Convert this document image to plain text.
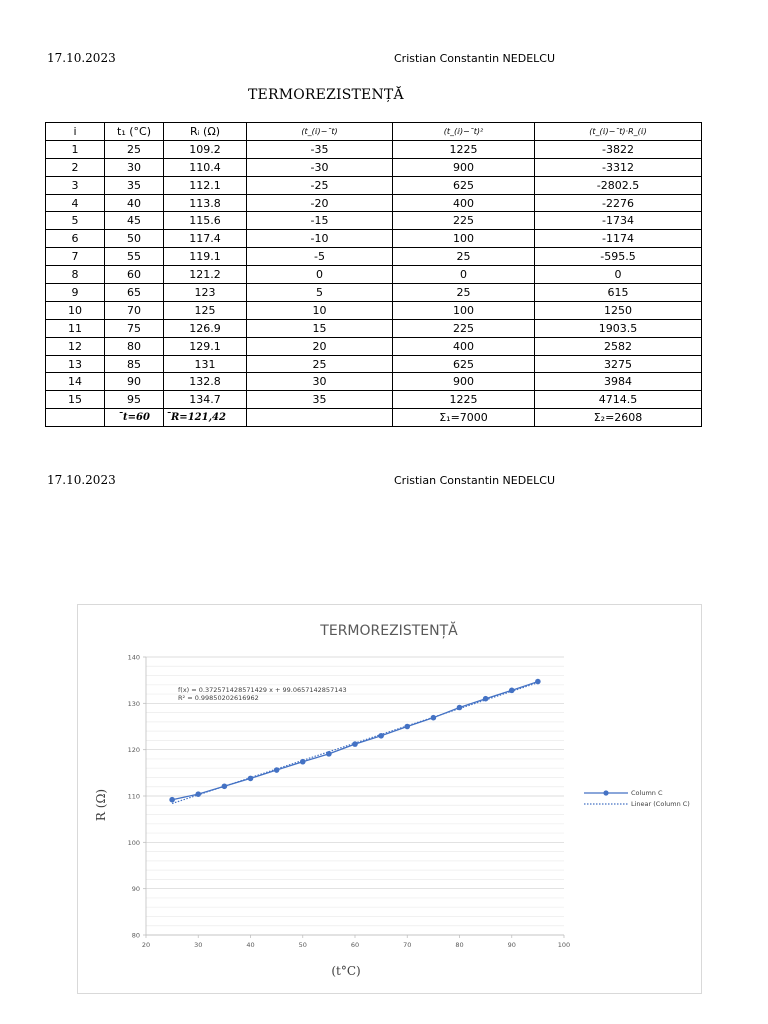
17.10.2023	Cristian Constantin NEDELCU
TERMOREZISTENȚĂ
i	t₁ (°C)	Rᵢ (Ω)	(t_(ⅈ)−¯t)	(t_(ⅈ)−¯t)²	(t_(ⅈ)−¯t)·R_(ⅈ)
1	25	109.2	-35	1225	-3822
2	30	110.4	-30	900	-3312
3	35	112.1	-25	625	-2802.5
4	40	113.8	-20	400	-2276
5	45	115.6	-15	225	-1734
6	50	117.4	-10	100	-1174
7	55	119.1	-5	25	-595.5
8	60	121.2	0	0	0
9	65	123	5	25	615
10	70	125	10	100	1250
11	75	126.9	15	225	1903.5
12	80	129.1	20	400	2582
13	85	131	25	625	3275
14	90	132.8	30	900	3984
15	95	134.7	35	1225	4714.5
	¯t=60	¯R=121,42		Σ₁=7000	Σ₂=2608
17.10.2023	Cristian Constantin NEDELCU
TERMOREZISTENȚĂ
80
90
100
110
120
130
140
20	30	40	50	60	70	80	90	100
f(x) = 0.372571428571429 x + 99.0657142857143
R² = 0.99850202616962
(t°C)
R (Ω)	Column C
Linear (Column C)
